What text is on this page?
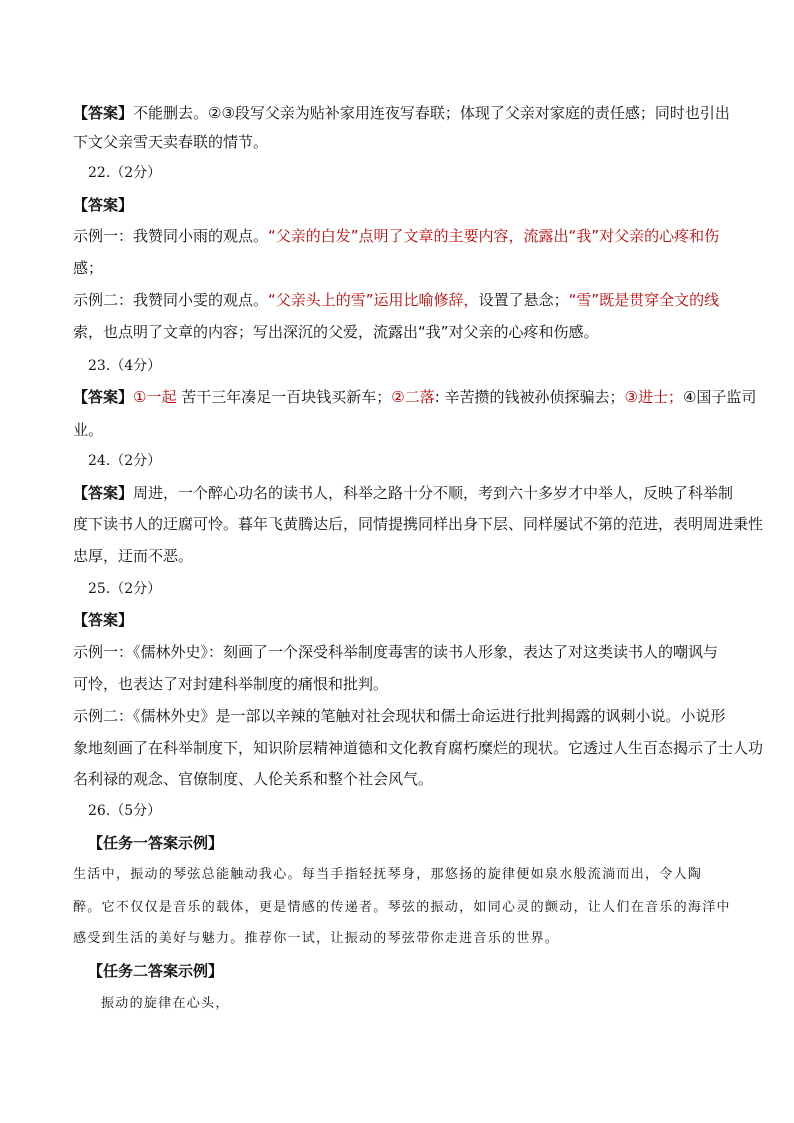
【答案】不能删去。②③段写父亲为贴补家用连夜写春联；体现了父亲对家庭的责任感；同时也引出
下文父亲雪天卖春联的情节。
22.（2分）
【答案】
示例一：我赞同小雨的观点。“父亲的白发”点明了文章的主要内容，流露出“我”对父亲的心疼和伤
感；
示例二：我赞同小雯的观点。“父亲头上的雪”运用比喻修辞，设置了悬念；“雪”既是贯穿全文的线
索，也点明了文章的内容；写出深沉的父爱，流露出“我”对父亲的心疼和伤感。
23.（4分）
【答案】①一起 苦干三年凑足一百块钱买新车；②二落: 辛苦攒的钱被孙侦探骗去；③进士；④国子监司
业。
24.（2分）
【答案】周进，一个醉心功名的读书人，科举之路十分不顺，考到六十多岁才中举人，反映了科举制
度下读书人的迂腐可怜。暮年飞黄腾达后，同情提携同样出身下层、同样屡试不第的范进，表明周进秉性
忠厚，迂而不恶。
25.（2分）
【答案】
示例一：《儒林外史》：刻画了一个深受科举制度毒害的读书人形象，表达了对这类读书人的嘲讽与
可怜，也表达了对封建科举制度的痛恨和批判。
示例二：《儒林外史》是一部以辛辣的笔触对社会现状和儒士命运进行批判揭露的讽刺小说。小说形
象地刻画了在科举制度下，知识阶层精神道德和文化教育腐朽糜烂的现状。它透过人生百态揭示了士人功
名利禄的观念、官僚制度、人伦关系和整个社会风气。
26.（5分）
【任务一答案示例】
生活中，振动的琴弦总能触动我心。每当手指轻抚琴身，那悠扬的旋律便如泉水般流淌而出，令人陶
醉。它不仅仅是音乐的载体，更是情感的传递者。琴弦的振动，如同心灵的颤动，让人们在音乐的海洋中
感受到生活的美好与魅力。推荐你一试，让振动的琴弦带你走进音乐的世界。
【任务二答案示例】
振动的旋律在心头，
